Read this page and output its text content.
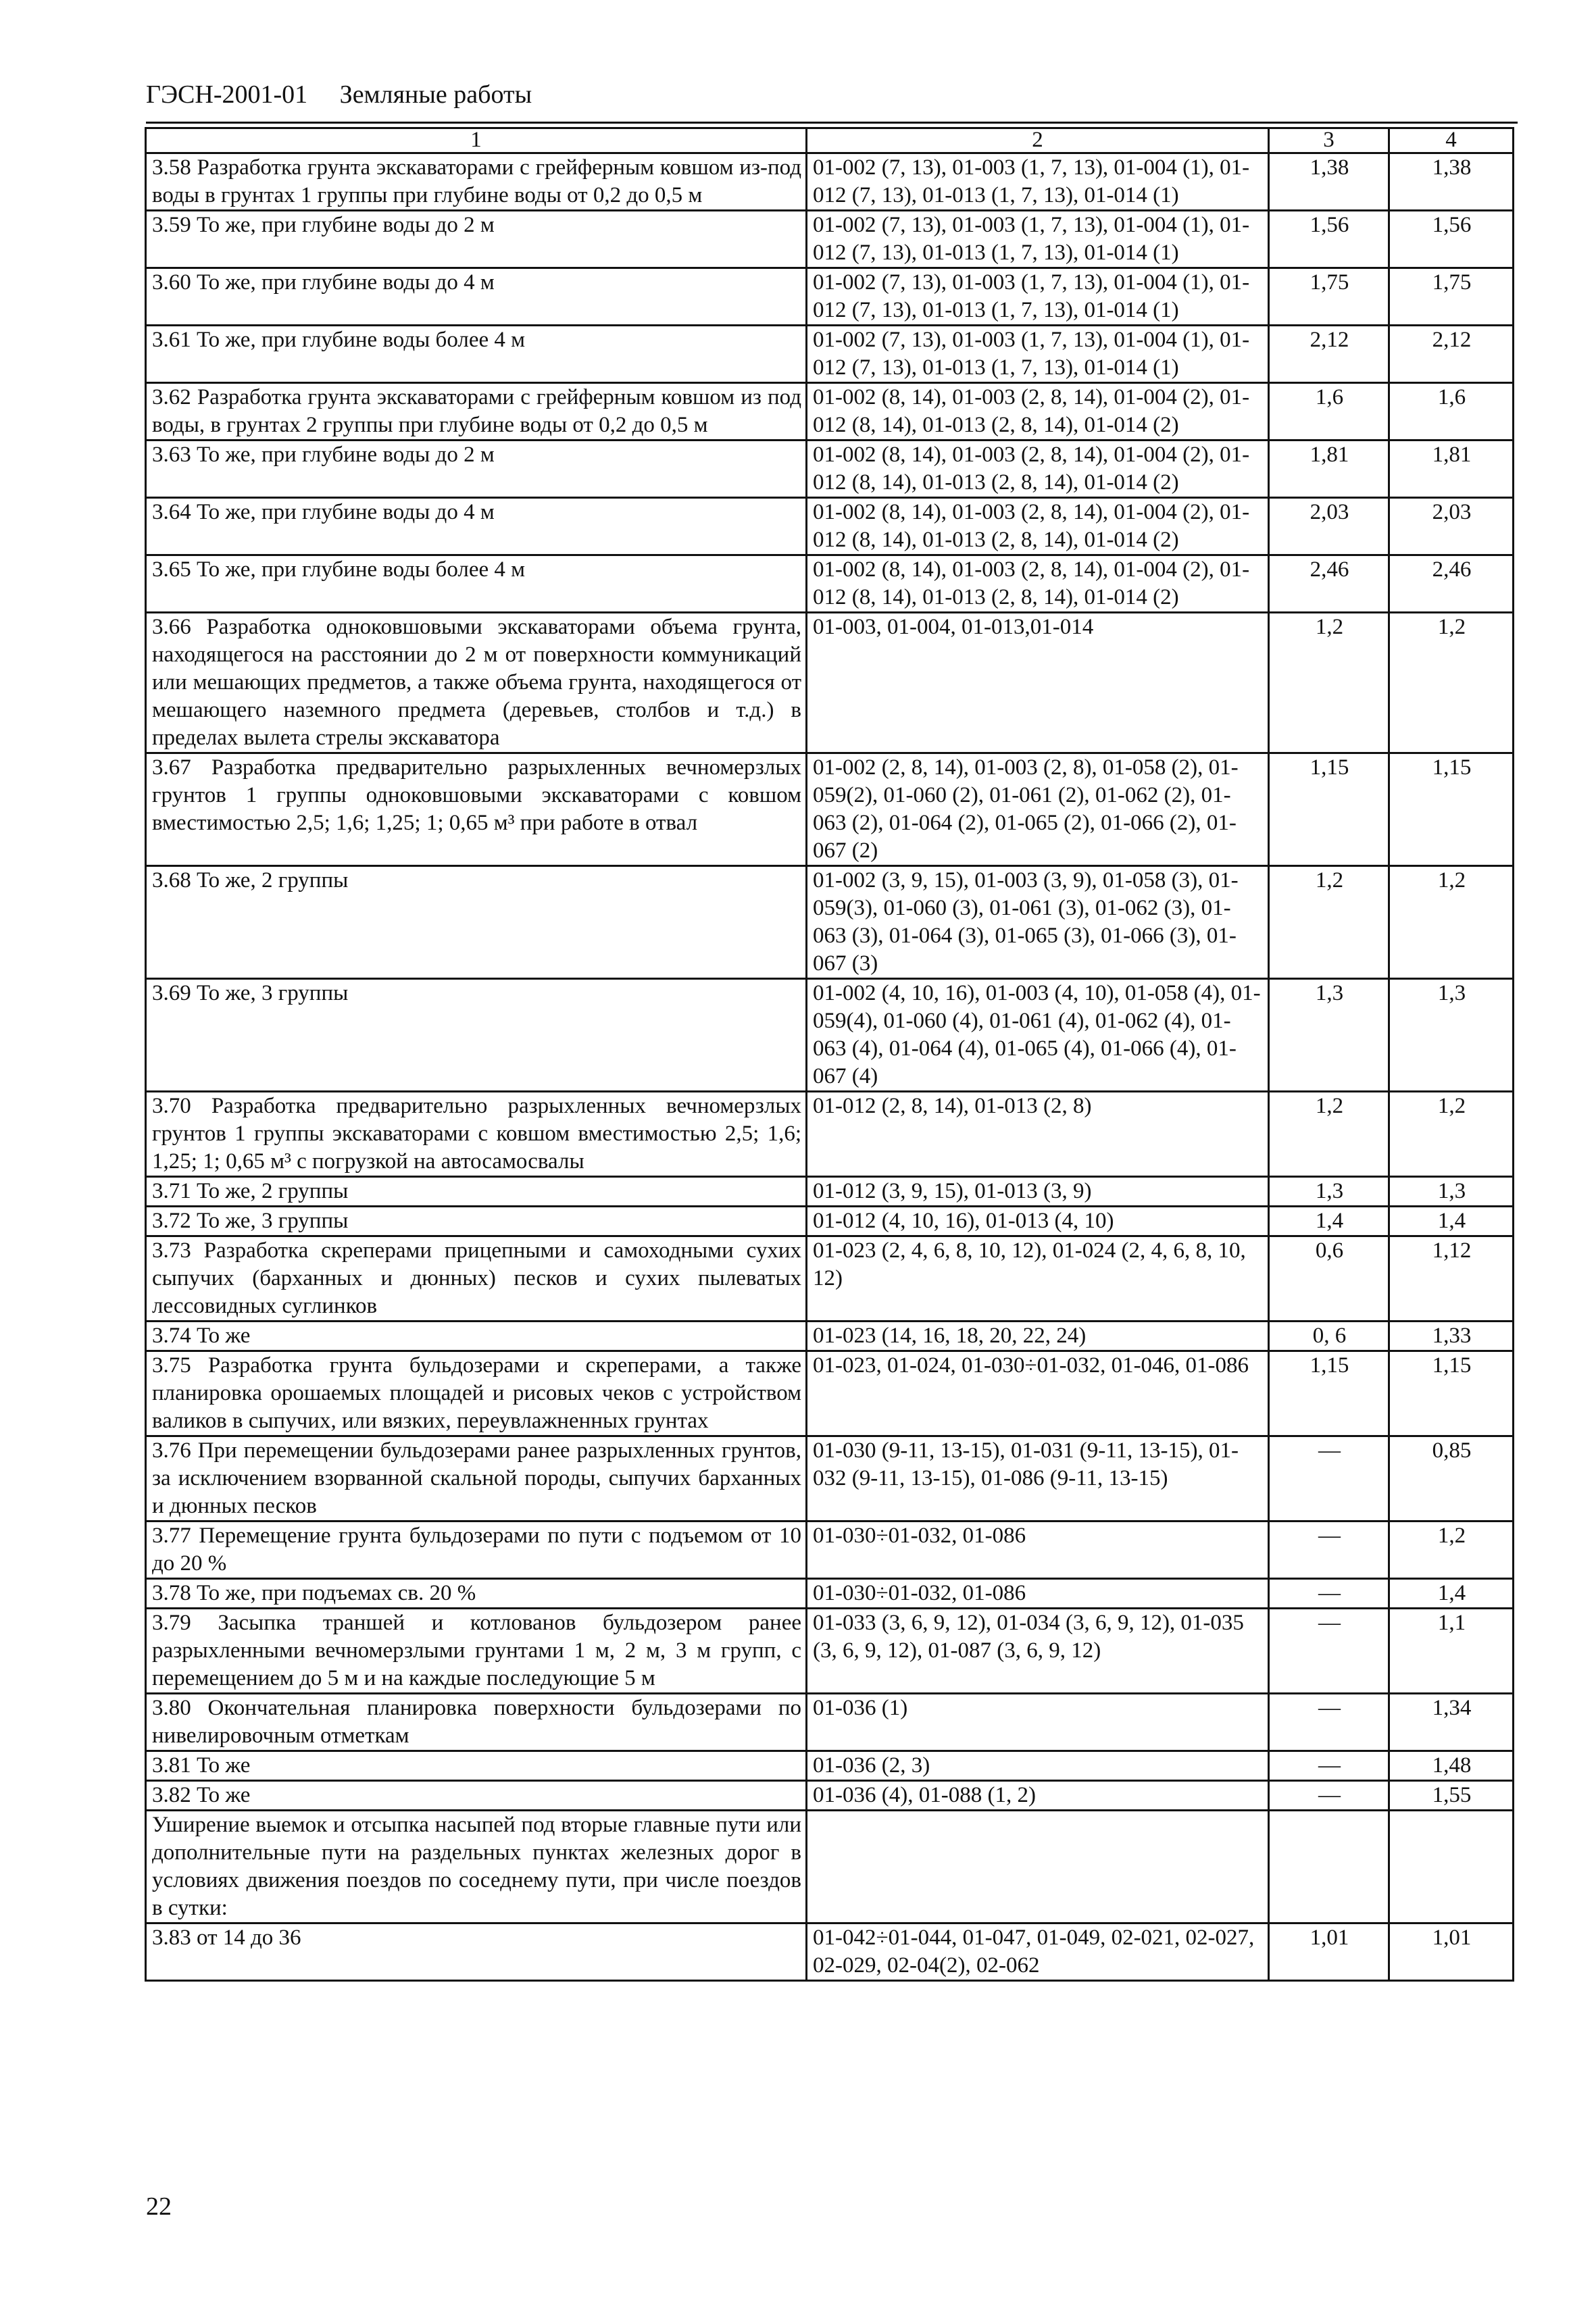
ГЭСН-2001-01 Земляные работы
1	2	3	4
3.58 Разработка грунта экскаваторами с грейферным ковшом из-под воды в грунтах 1 группы при глубине воды от 0,2 до 0,5 м	01-002 (7, 13), 01-003 (1, 7, 13), 01-004 (1), 01-012 (7, 13), 01-013 (1, 7, 13), 01-014 (1)	1,38	1,38
3.59 То же, при глубине воды до 2 м	01-002 (7, 13), 01-003 (1, 7, 13), 01-004 (1), 01-012 (7, 13), 01-013 (1, 7, 13), 01-014 (1)	1,56	1,56
3.60 То же, при глубине воды до 4 м	01-002 (7, 13), 01-003 (1, 7, 13), 01-004 (1), 01-012 (7, 13), 01-013 (1, 7, 13), 01-014 (1)	1,75	1,75
3.61 То же, при глубине воды более 4 м	01-002 (7, 13), 01-003 (1, 7, 13), 01-004 (1), 01-012 (7, 13), 01-013 (1, 7, 13), 01-014 (1)	2,12	2,12
3.62 Разработка грунта экскаваторами с грейферным ковшом из под воды, в грунтах 2 группы при глубине воды от 0,2 до 0,5 м	01-002 (8, 14), 01-003 (2, 8, 14), 01-004 (2), 01-012 (8, 14), 01-013 (2, 8, 14), 01-014 (2)	1,6	1,6
3.63 То же, при глубине воды до 2 м	01-002 (8, 14), 01-003 (2, 8, 14), 01-004 (2), 01-012 (8, 14), 01-013 (2, 8, 14), 01-014 (2)	1,81	1,81
3.64 То же, при глубине воды до 4 м	01-002 (8, 14), 01-003 (2, 8, 14), 01-004 (2), 01-012 (8, 14), 01-013 (2, 8, 14), 01-014 (2)	2,03	2,03
3.65 То же, при глубине воды более 4 м	01-002 (8, 14), 01-003 (2, 8, 14), 01-004 (2), 01-012 (8, 14), 01-013 (2, 8, 14), 01-014 (2)	2,46	2,46
3.66 Разработка одноковшовыми экскаваторами объема грунта, находящегося на расстоянии до 2 м от поверхности коммуникаций или мешающих предметов, а также объема грунта, находящегося от мешающего наземного предмета (деревьев, столбов и т.д.) в пределах вылета стрелы экскаватора	01-003, 01-004, 01-013,01-014	1,2	1,2
3.67 Разработка предварительно разрыхленных вечномерзлых грунтов 1 группы одноковшовыми экскаваторами с ковшом вместимостью 2,5; 1,6; 1,25; 1; 0,65 м³ при работе в отвал	01-002 (2, 8, 14), 01-003 (2, 8), 01-058 (2), 01-059(2), 01-060 (2), 01-061 (2), 01-062 (2), 01-063 (2), 01-064 (2), 01-065 (2), 01-066 (2), 01-067 (2)	1,15	1,15
3.68 То же, 2 группы	01-002 (3, 9, 15), 01-003 (3, 9), 01-058 (3), 01-059(3), 01-060 (3), 01-061 (3), 01-062 (3), 01-063 (3), 01-064 (3), 01-065 (3), 01-066 (3), 01-067 (3)	1,2	1,2
3.69 То же, 3 группы	01-002 (4, 10, 16), 01-003 (4, 10), 01-058 (4), 01-059(4), 01-060 (4), 01-061 (4), 01-062 (4), 01-063 (4), 01-064 (4), 01-065 (4), 01-066 (4), 01-067 (4)	1,3	1,3
3.70 Разработка предварительно разрыхленных вечномерзлых грунтов 1 группы экскаваторами с ковшом вместимостью 2,5; 1,6; 1,25; 1; 0,65 м³ с погрузкой на автосамосвалы	01-012 (2, 8, 14), 01-013 (2, 8)	1,2	1,2
3.71 То же, 2 группы	01-012 (3, 9, 15), 01-013 (3, 9)	1,3	1,3
3.72 То же, 3 группы	01-012 (4, 10, 16), 01-013 (4, 10)	1,4	1,4
3.73 Разработка скреперами прицепными и самоходными сухих сыпучих (барханных и дюнных) песков и сухих пылеватых лессовидных суглинков	01-023 (2, 4, 6, 8, 10, 12), 01-024 (2, 4, 6, 8, 10, 12)	0,6	1,12
3.74 То же	01-023 (14, 16, 18, 20, 22, 24)	0, 6	1,33
3.75 Разработка грунта бульдозерами и скреперами, а также планировка орошаемых площадей и рисовых чеков с устройством валиков в сыпучих, или вязких, переувлажненных грунтах	01-023, 01-024, 01-030÷01-032, 01-046, 01-086	1,15	1,15
3.76 При перемещении бульдозерами ранее разрыхленных грунтов, за исключением взорванной скальной породы, сыпучих барханных и дюнных песков	01-030 (9-11, 13-15), 01-031 (9-11, 13-15), 01-032 (9-11, 13-15), 01-086 (9-11, 13-15)	—	0,85
3.77 Перемещение грунта бульдозерами по пути с подъемом от 10 до 20 %	01-030÷01-032, 01-086	—	1,2
3.78 То же, при подъемах св. 20 %	01-030÷01-032, 01-086	—	1,4
3.79 Засыпка траншей и котлованов бульдозером ранее разрыхленными вечномерзлыми грунтами 1 м, 2 м, 3 м групп, с перемещением до 5 м и на каждые последующие 5 м	01-033 (3, 6, 9, 12), 01-034 (3, 6, 9, 12), 01-035 (3, 6, 9, 12), 01-087 (3, 6, 9, 12)	—	1,1
3.80 Окончательная планировка поверхности бульдозерами по нивелировочным отметкам	01-036 (1)	—	1,34
3.81 То же	01-036 (2, 3)	—	1,48
3.82 То же	01-036 (4), 01-088 (1, 2)	—	1,55
Уширение выемок и отсыпка насыпей под вторые главные пути или дополнительные пути на раздельных пунктах железных дорог в условиях движения поездов по соседнему пути, при числе поездов в сутки:			
3.83 от 14 до 36	01-042÷01-044, 01-047, 01-049, 02-021, 02-027, 02-029, 02-04(2), 02-062	1,01	1,01
22
